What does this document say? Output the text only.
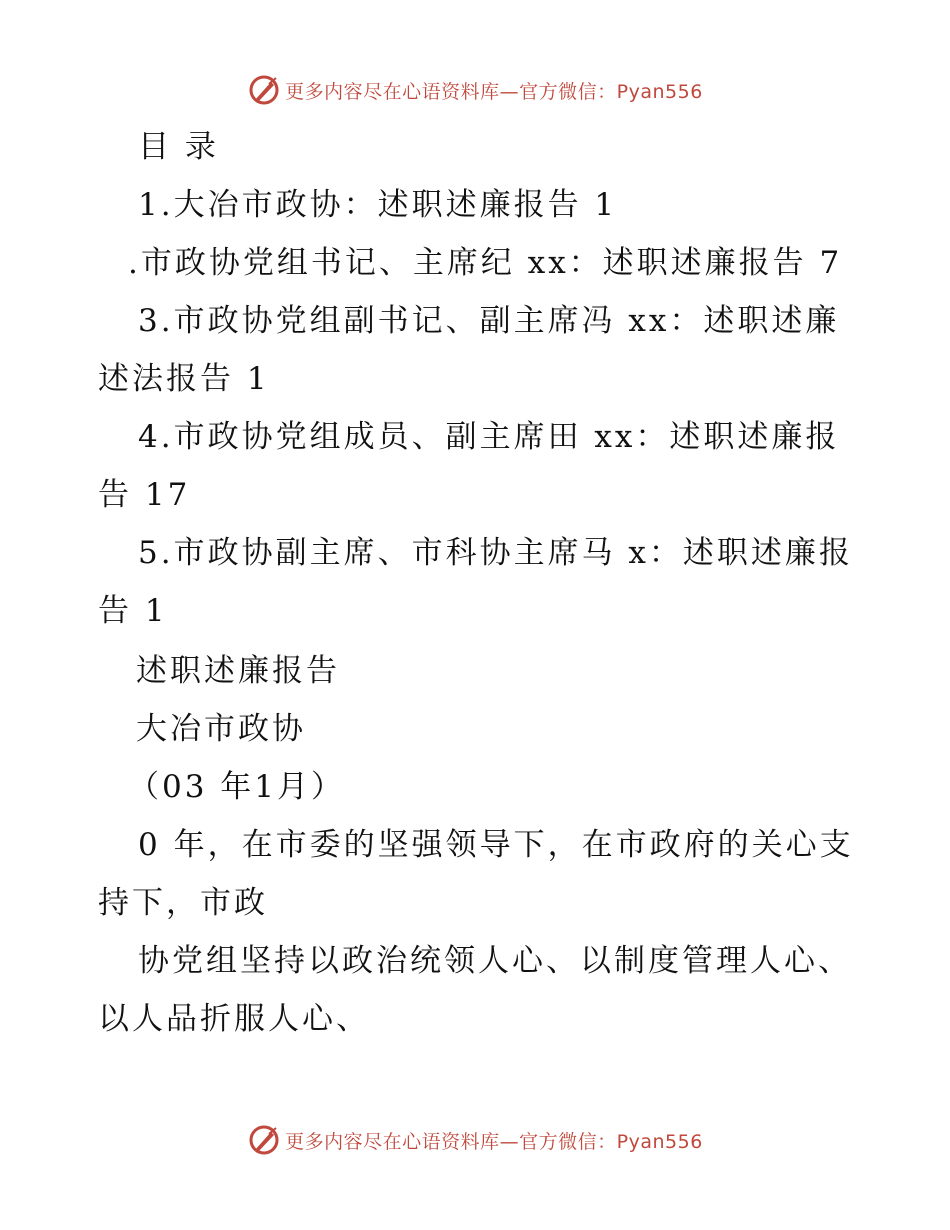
更多内容尽在心语资料库—官方微信：Pyan556
目 录
1.大冶市政协：述职述廉报告 1
.市政协党组书记、主席纪 xx：述职述廉报告 7
3.市政协党组副书记、副主席冯 xx：述职述廉
述法报告 1
4.市政协党组成员、副主席田 xx：述职述廉报
告 17
5.市政协副主席、市科协主席马 x：述职述廉报
告 1
述职述廉报告
大冶市政协
（03 年1月）
0 年，在市委的坚强领导下，在市政府的关心支
持下，市政
协党组坚持以政治统领人心、以制度管理人心、
以人品折服人心、
更多内容尽在心语资料库—官方微信：Pyan556
